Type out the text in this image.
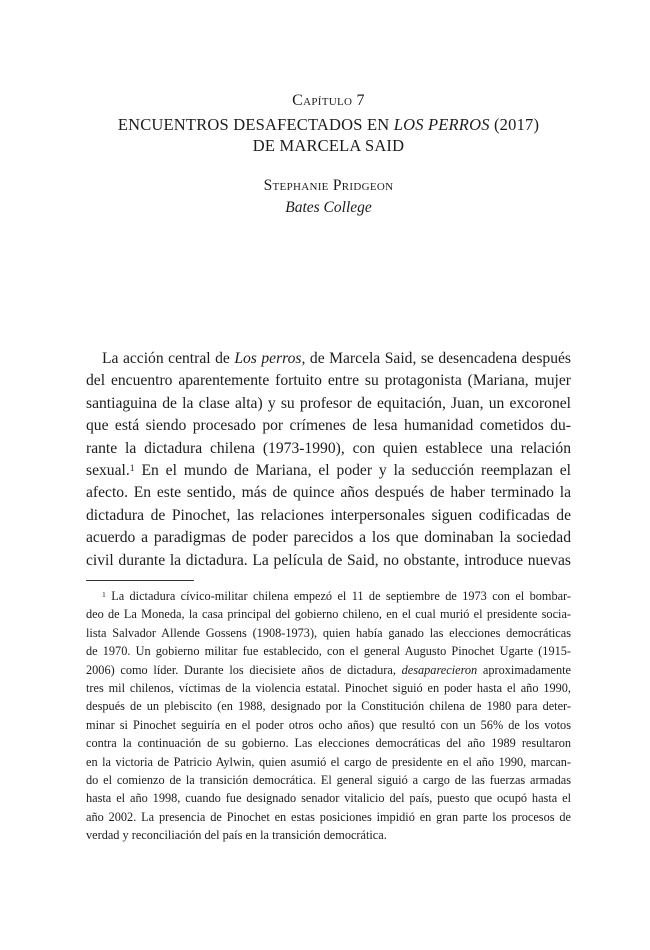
Capítulo 7
ENCUENTROS DESAFECTADOS EN LOS PERROS (2017)
DE MARCELA SAID
Stephanie Pridgeon
Bates College
La acción central de Los perros, de Marcela Said, se desencadena después
del encuentro aparentemente fortuito entre su protagonista (Mariana, mujer
santiaguina de la clase alta) y su profesor de equitación, Juan, un excoronel
que está siendo procesado por crímenes de lesa humanidad cometidos du-
rante la dictadura chilena (1973-1990), con quien establece una relación
sexual.$^1$ En el mundo de Mariana, el poder y la seducción reemplazan el
afecto. En este sentido, más de quince años después de haber terminado la
dictadura de Pinochet, las relaciones interpersonales siguen codificadas de
acuerdo a paradigmas de poder parecidos a los que dominaban la sociedad
civil durante la dictadura. La película de Said, no obstante, introduce nuevas
$^1$ La dictadura cívico-militar chilena empezó el 11 de septiembre de 1973 con el bombar-
deo de La Moneda, la casa principal del gobierno chileno, en el cual murió el presidente socia-
lista Salvador Allende Gossens (1908-1973), quien había ganado las elecciones democráticas
de 1970. Un gobierno militar fue establecido, con el general Augusto Pinochet Ugarte (1915-
2006) como líder. Durante los diecisiete años de dictadura, desaparecieron aproximadamente
tres mil chilenos, víctimas de la violencia estatal. Pinochet siguió en poder hasta el año 1990,
después de un plebiscito (en 1988, designado por la Constitución chilena de 1980 para deter-
minar si Pinochet seguiría en el poder otros ocho años) que resultó con un 56% de los votos
contra la continuación de su gobierno. Las elecciones democráticas del año 1989 resultaron
en la victoria de Patricio Aylwin, quien asumió el cargo de presidente en el año 1990, marcan-
do el comienzo de la transición democrática. El general siguió a cargo de las fuerzas armadas
hasta el año 1998, cuando fue designado senador vitalicio del país, puesto que ocupó hasta el
año 2002. La presencia de Pinochet en estas posiciones impidió en gran parte los procesos de
verdad y reconciliación del país en la transición democrática.
